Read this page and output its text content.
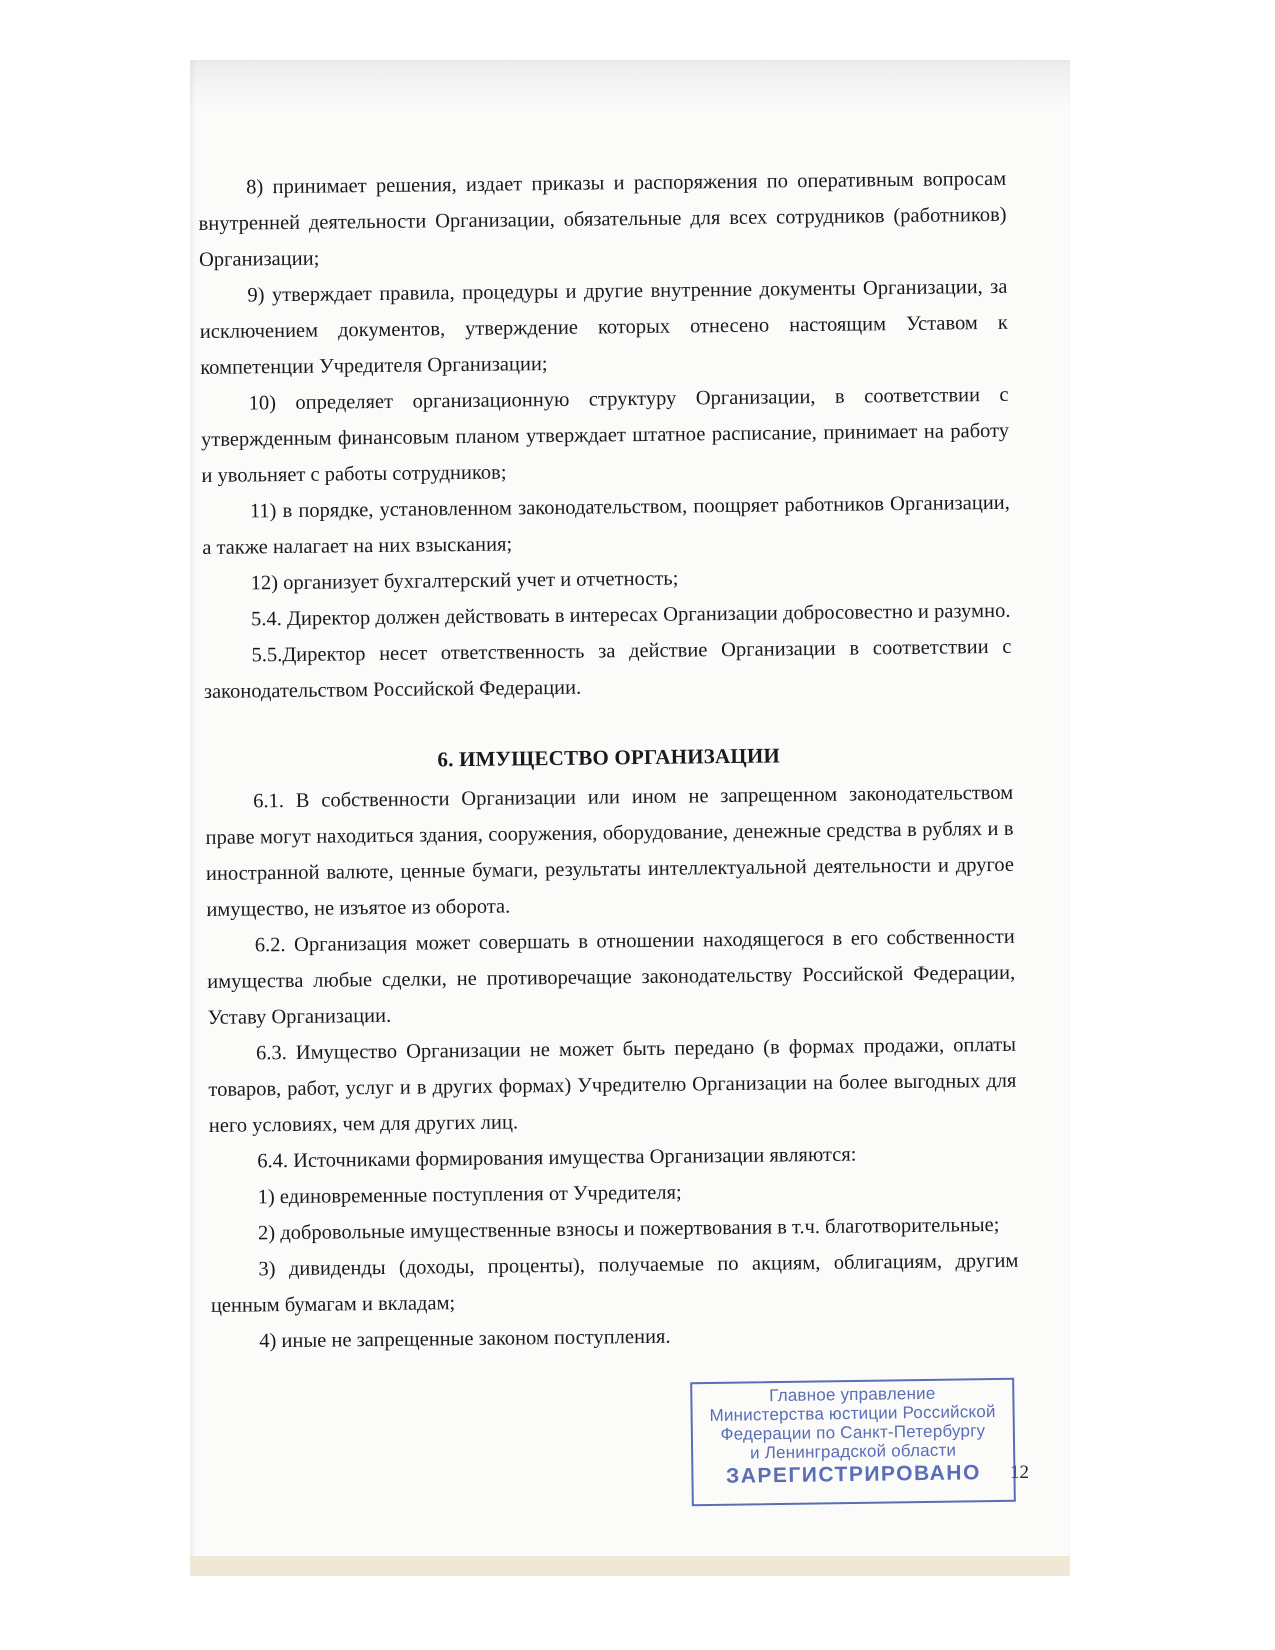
8) принимает решения, издает приказы и распоряжения по оперативным вопросам внутренней деятельности Организации, обязательные для всех сотрудников (работников) Организации;

9) утверждает правила, процедуры и другие внутренние документы Организации, за исключением документов, утверждение которых отнесено настоящим Уставом к компетенции Учредителя Организации;

10) определяет организационную структуру Организации, в соответствии с утвержденным финансовым планом утверждает штатное расписание, принимает на работу и увольняет с работы сотрудников;

11) в порядке, установленном законодательством, поощряет работников Организации, а также налагает на них взыскания;

12) организует бухгалтерский учет и отчетность;

5.4. Директор должен действовать в интересах Организации добросовестно и разумно.

5.5.Директор несет ответственность за действие Организации в соответствии с законодательством Российской Федерации.

6. ИМУЩЕСТВО ОРГАНИЗАЦИИ

6.1. В собственности Организации или ином не запрещенном законодательством праве могут находиться здания, сооружения, оборудование, денежные средства в рублях и в иностранной валюте, ценные бумаги, результаты интеллектуальной деятельности и другое имущество, не изъятое из оборота.

6.2. Организация может совершать в отношении находящегося в его собственности имущества любые сделки, не противоречащие законодательству Российской Федерации, Уставу Организации.

6.3. Имущество Организации не может быть передано (в формах продажи, оплаты товаров, работ, услуг и в других формах) Учредителю Организации на более выгодных для него условиях, чем для других лиц.

6.4. Источниками формирования имущества Организации являются:

1) единовременные поступления от Учредителя;

2) добровольные имущественные взносы и пожертвования в т.ч. благотворительные;

3) дивиденды (доходы, проценты), получаемые по акциям, облигациям, другим ценным бумагам и вкладам;

4) иные не запрещенные законом поступления.

12
Главное управление
Министерства юстиции Российской
Федерации по Санкт-Петербургу
и Ленинградской области
ЗАРЕГИСТРИРОВАНО
